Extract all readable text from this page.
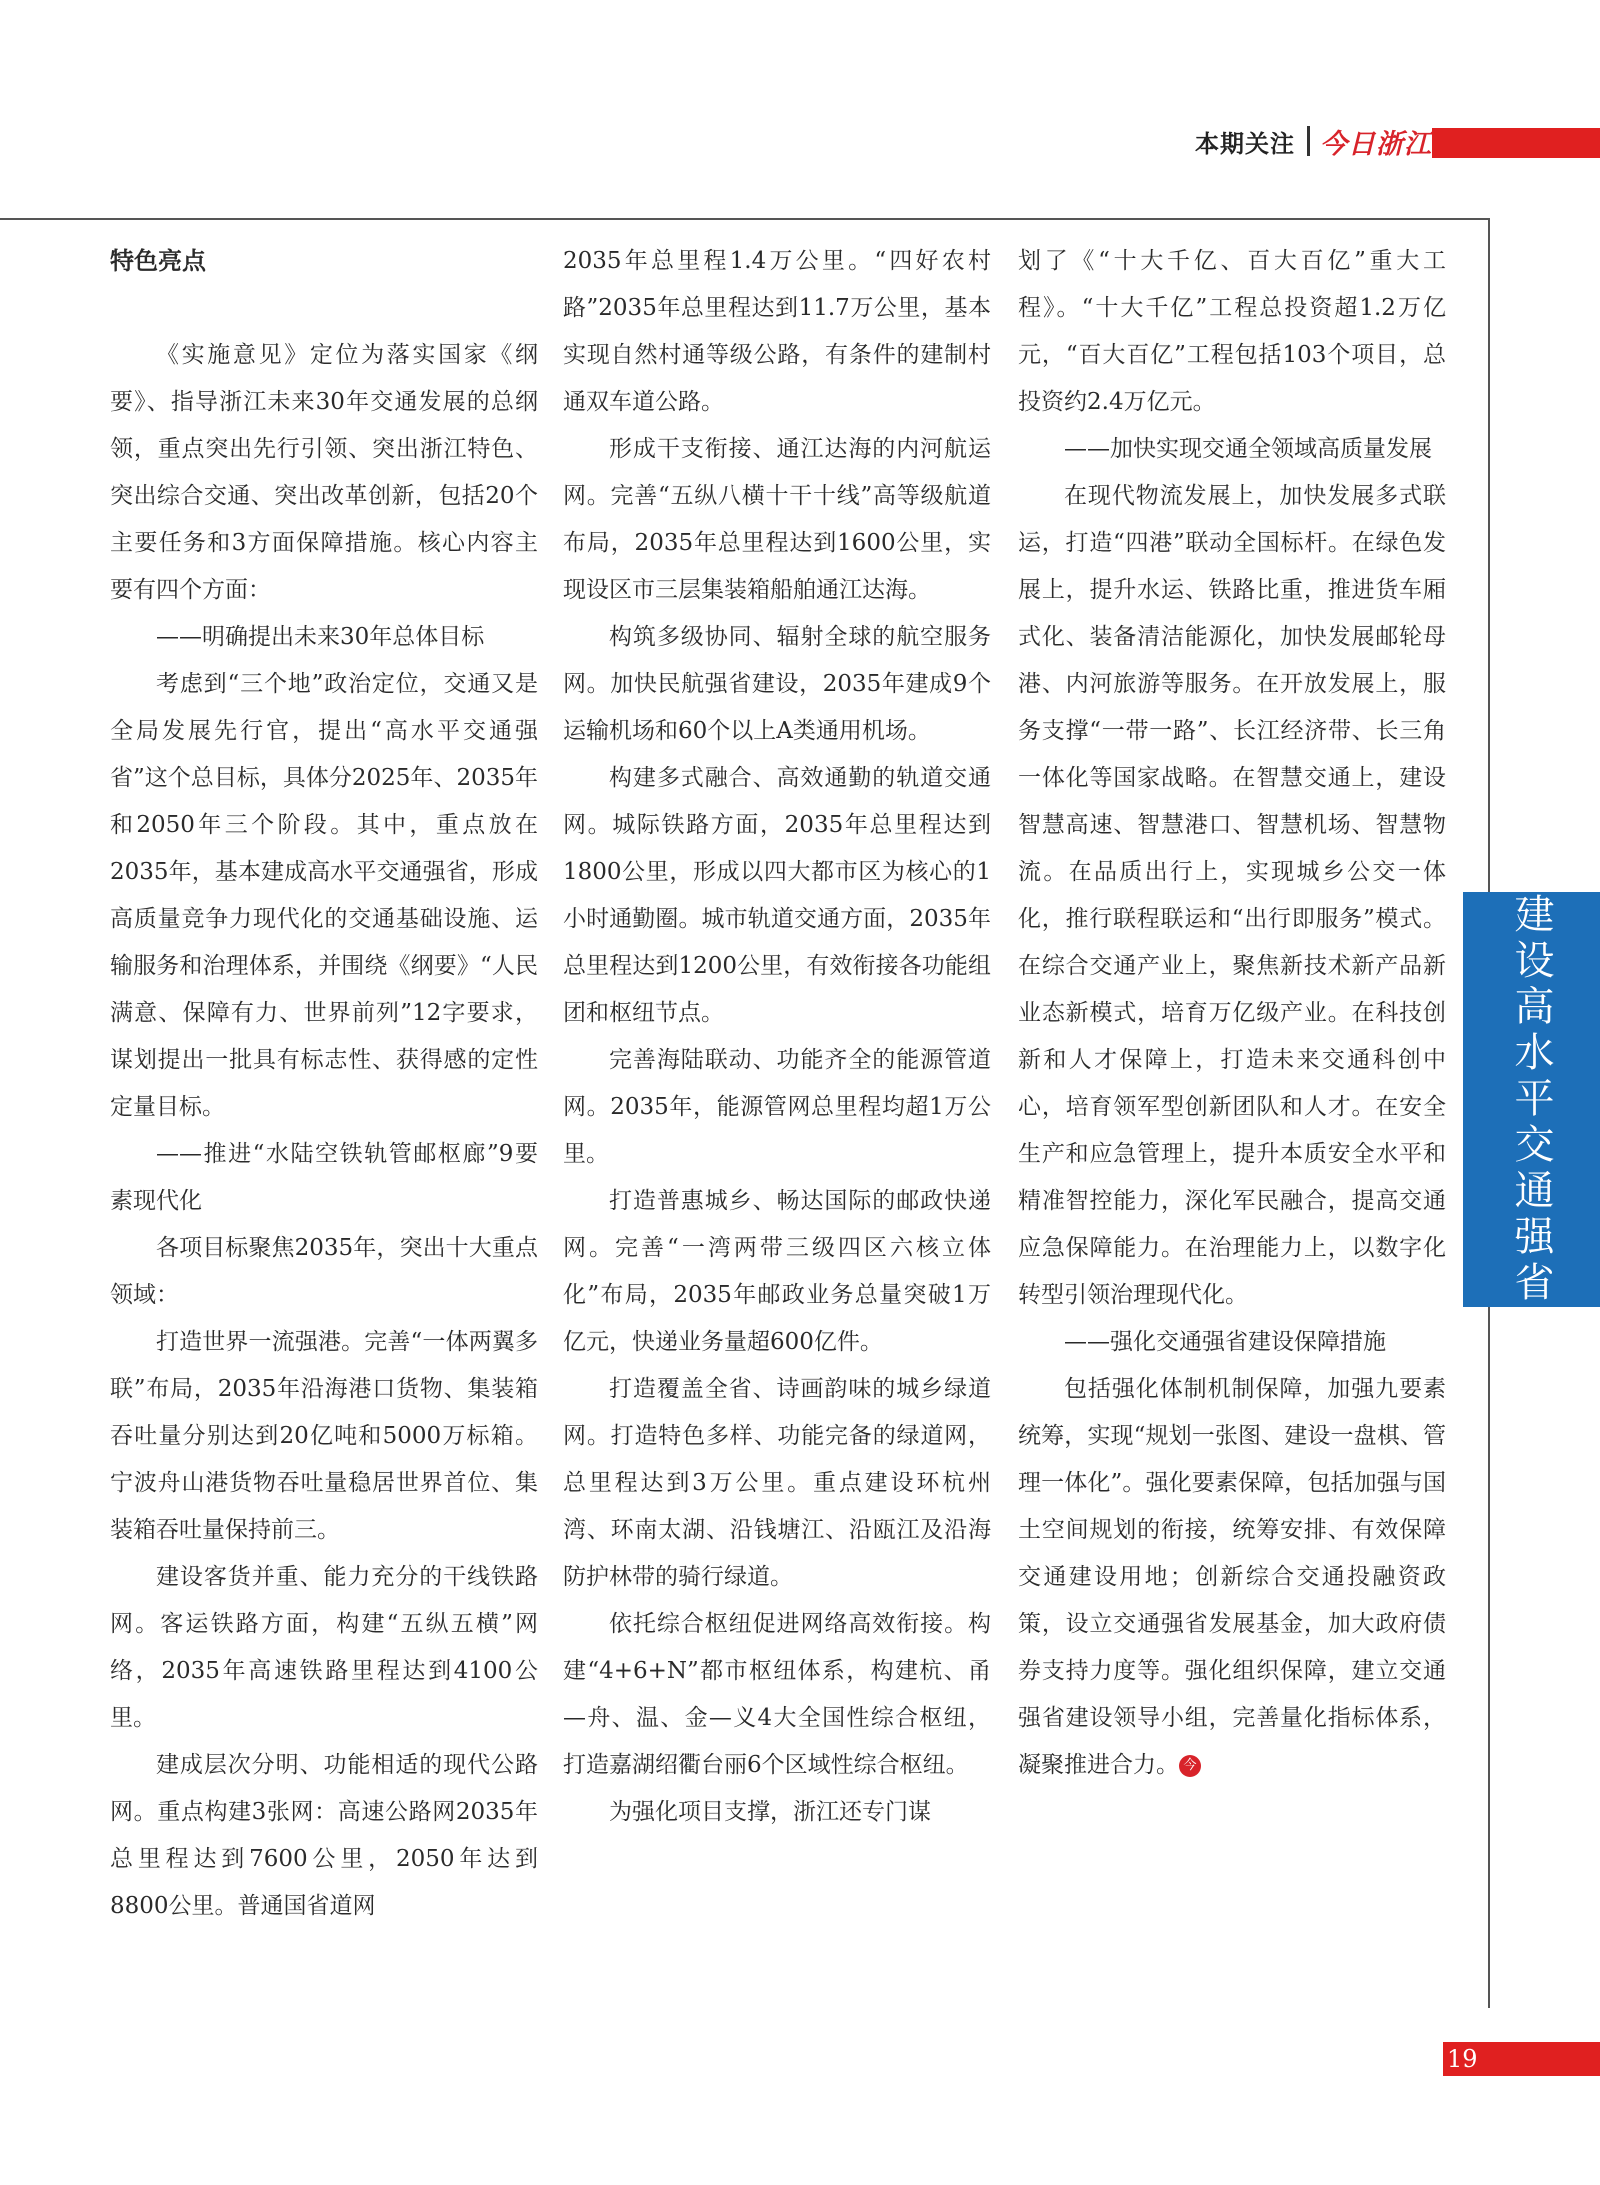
本期关注 今日浙江

特色亮点

《实施意见》定位为落实国家《纲要》、指导浙江未来30年交通发展的总纲领，重点突出先行引领、突出浙江特色、突出综合交通、突出改革创新，包括20个主要任务和3方面保障措施。核心内容主要有四个方面：

——明确提出未来30年总体目标

考虑到“三个地”政治定位，交通又是全局发展先行官，提出“高水平交通强省”这个总目标，具体分2025年、2035年和2050年三个阶段。其中，重点放在2035年，基本建成高水平交通强省，形成高质量竞争力现代化的交通基础设施、运输服务和治理体系，并围绕《纲要》“人民满意、保障有力、世界前列”12字要求，谋划提出一批具有标志性、获得感的定性定量目标。

——推进“水陆空铁轨管邮枢廊”9要素现代化

各项目标聚焦2035年，突出十大重点领域：

打造世界一流强港。完善“一体两翼多联”布局，2035年沿海港口货物、集装箱吞吐量分别达到20亿吨和5000万标箱。宁波舟山港货物吞吐量稳居世界首位、集装箱吞吐量保持前三。

建设客货并重、能力充分的干线铁路网。客运铁路方面，构建“五纵五横”网络，2035年高速铁路里程达到4100公里。

建成层次分明、功能相适的现代公路网。重点构建3张网：高速公路网2035年总里程达到7600公里，2050年达到8800公里。普通国省道网

2035年总里程1.4万公里。“四好农村路”2035年总里程达到11.7万公里，基本实现自然村通等级公路，有条件的建制村通双车道公路。

形成干支衔接、通江达海的内河航运网。完善“五纵八横十干十线”高等级航道布局，2035年总里程达到1600公里，实现设区市三层集装箱船舶通江达海。

构筑多级协同、辐射全球的航空服务网。加快民航强省建设，2035年建成9个运输机场和60个以上A类通用机场。

构建多式融合、高效通勤的轨道交通网。城际铁路方面，2035年总里程达到1800公里，形成以四大都市区为核心的1小时通勤圈。城市轨道交通方面，2035年总里程达到1200公里，有效衔接各功能组团和枢纽节点。

完善海陆联动、功能齐全的能源管道网。2035年，能源管网总里程均超1万公里。

打造普惠城乡、畅达国际的邮政快递网。完善“一湾两带三级四区六核立体化”布局，2035年邮政业务总量突破1万亿元，快递业务量超600亿件。

打造覆盖全省、诗画韵味的城乡绿道网。打造特色多样、功能完备的绿道网，总里程达到3万公里。重点建设环杭州湾、环南太湖、沿钱塘江、沿瓯江及沿海防护林带的骑行绿道。

依托综合枢纽促进网络高效衔接。构建“4+6+N”都市枢纽体系，构建杭、甬—舟、温、金—义4大全国性综合枢纽，打造嘉湖绍衢台丽6个区域性综合枢纽。

为强化项目支撑，浙江还专门谋

划了《“十大千亿、百大百亿”重大工程》。“十大千亿”工程总投资超1.2万亿元，“百大百亿”工程包括103个项目，总投资约2.4万亿元。

——加快实现交通全领域高质量发展

在现代物流发展上，加快发展多式联运，打造“四港”联动全国标杆。在绿色发展上，提升水运、铁路比重，推进货车厢式化、装备清洁能源化，加快发展邮轮母港、内河旅游等服务。在开放发展上，服务支撑“一带一路”、长江经济带、长三角一体化等国家战略。在智慧交通上，建设智慧高速、智慧港口、智慧机场、智慧物流。在品质出行上，实现城乡公交一体化，推行联程联运和“出行即服务”模式。在综合交通产业上，聚焦新技术新产品新业态新模式，培育万亿级产业。在科技创新和人才保障上，打造未来交通科创中心，培育领军型创新团队和人才。在安全生产和应急管理上，提升本质安全水平和精准智控能力，深化军民融合，提高交通应急保障能力。在治理能力上，以数字化转型引领治理现代化。

——强化交通强省建设保障措施

包括强化体制机制保障，加强九要素统筹，实现“规划一张图、建设一盘棋、管理一体化”。强化要素保障，包括加强与国土空间规划的衔接，统筹安排、有效保障交通建设用地；创新综合交通投融资政策，设立交通强省发展基金，加大政府债券支持力度等。强化组织保障，建立交通强省建设领导小组，完善量化指标体系，凝聚推进合力。 今

建设高水平交通强省
19
